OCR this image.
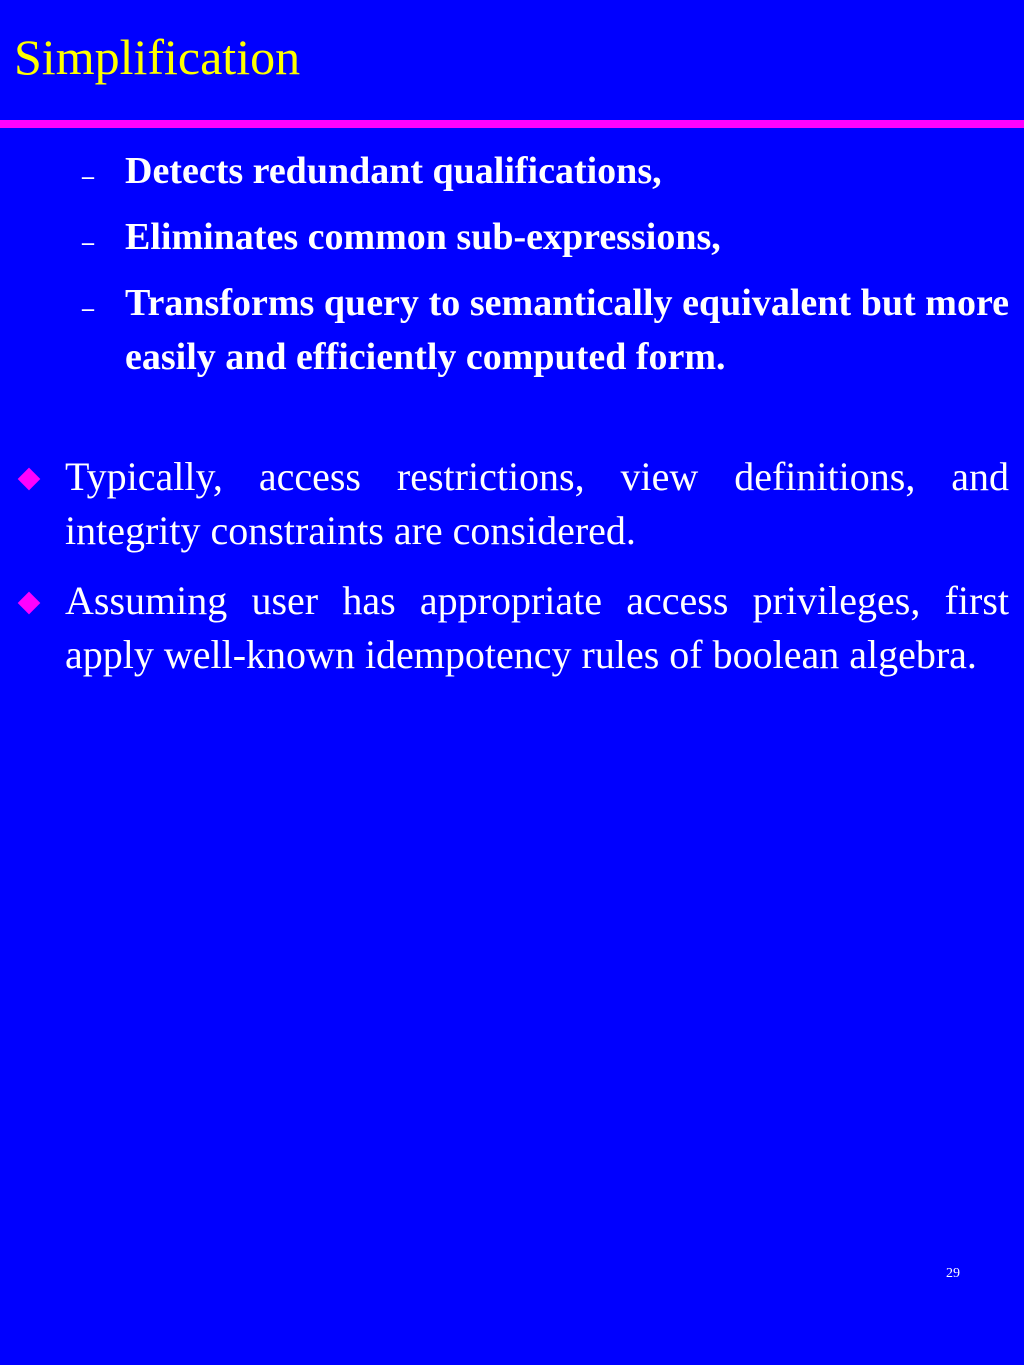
Simplification
– Detects redundant qualifications,
– Eliminates common sub-expressions,
– Transforms query to semantically equivalent but more easily and efficiently computed form.
Typically, access restrictions, view definitions, and integrity constraints are considered.
Assuming user has appropriate access privileges, first apply well-known idempotency rules of boolean algebra.
29
